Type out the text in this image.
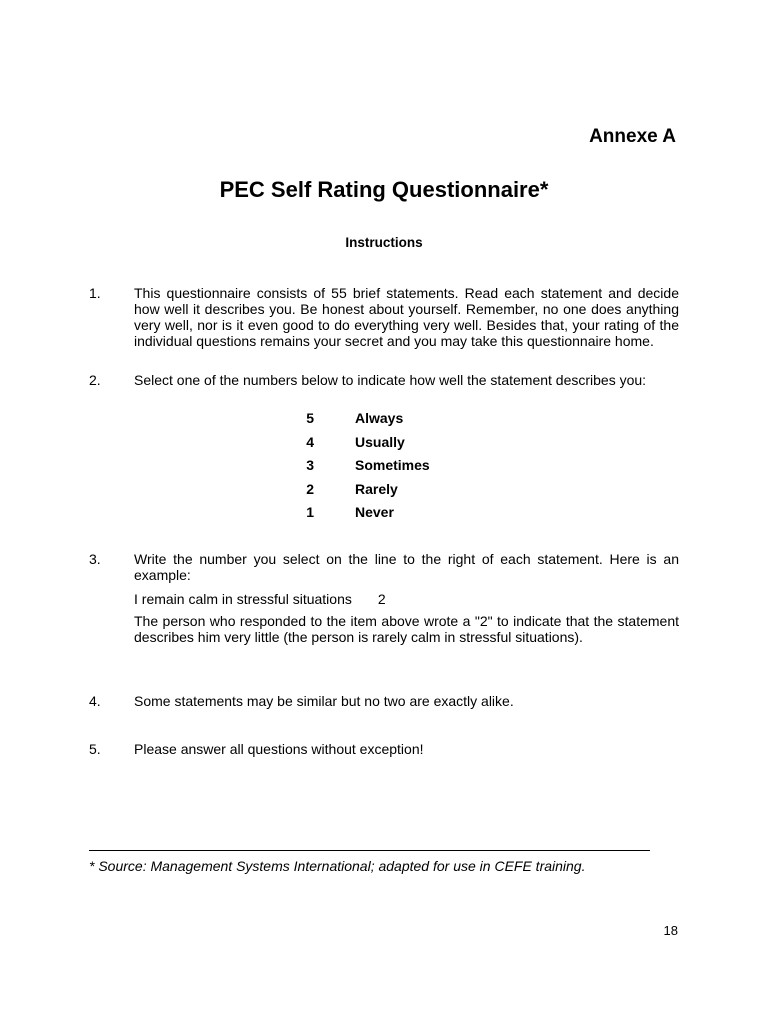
Annexe A
PEC Self Rating Questionnaire*
Instructions
1. This questionnaire consists of 55 brief statements. Read each statement and decide how well it describes you. Be honest about yourself. Remember, no one does anything very well, nor is it even good to do everything very well. Besides that, your rating of the individual questions remains your secret and you may take this questionnaire home.
2. Select one of the numbers below to indicate how well the statement describes you:
5	Always
4	Usually
3	Sometimes
2	Rarely
1	Never
3. Write the number you select on the line to the right of each statement. Here is an example:
I remain calm in stressful situations 2
The person who responded to the item above wrote a "2" to indicate that the statement describes him very little (the person is rarely calm in stressful situations).
4. Some statements may be similar but no two are exactly alike.
5. Please answer all questions without exception!
* Source: Management Systems International; adapted for use in CEFE training.
18
